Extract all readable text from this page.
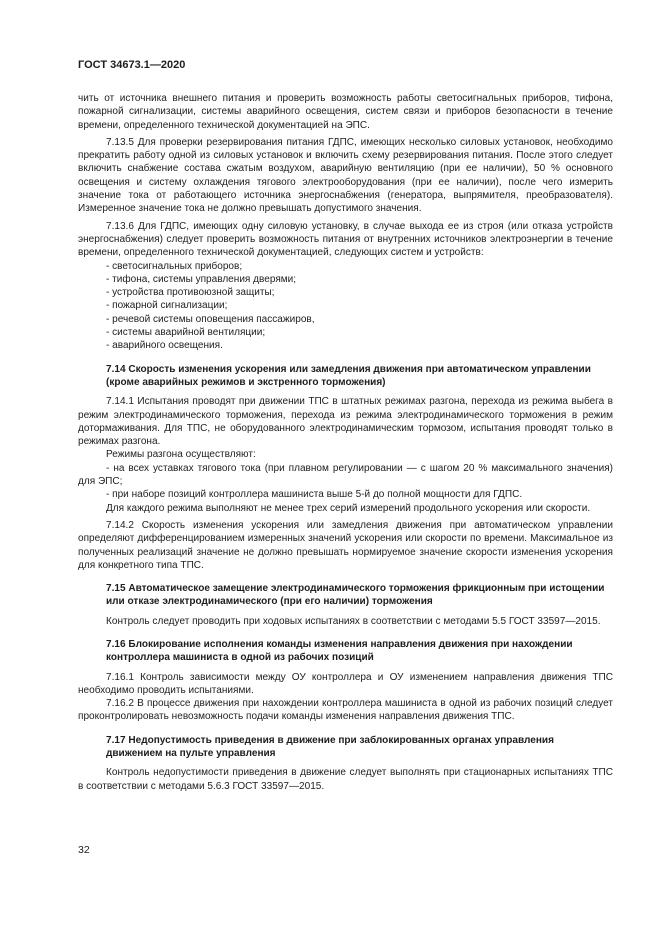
ГОСТ 34673.1—2020

чить от источника внешнего питания и проверить возможность работы светосигнальных приборов, тифона, пожарной сигнализации, системы аварийного освещения, систем связи и приборов безопасности в течение времени, определенного технической документацией на ЭПС.

7.13.5 Для проверки резервирования питания ГДПС, имеющих несколько силовых установок, необходимо прекратить работу одной из силовых установок и включить схему резервирования питания. После этого следует включить снабжение состава сжатым воздухом, аварийную вентиляцию (при ее наличии), 50 % основного освещения и систему охлаждения тягового электрооборудования (при ее наличии), после чего измерить значение тока от работающего источника энергоснабжения (генератора, выпрямителя, преобразователя). Измеренное значение тока не должно превышать допустимого значения.

7.13.6 Для ГДПС, имеющих одну силовую установку, в случае выхода ее из строя (или отказа устройств энергоснабжения) следует проверить возможность питания от внутренних источников электроэнергии в течение времени, определенного технической документацией, следующих систем и устройств:

- светосигнальных приборов;
- тифона, системы управления дверями;
- устройства противоюзной защиты;
- пожарной сигнализации;
- речевой системы оповещения пассажиров,
- системы аварийной вентиляции;
- аварийного освещения.
7.14 Скорость изменения ускорения или замедления движения при автоматическом управлении (кроме аварийных режимов и экстренного торможения)

7.14.1 Испытания проводят при движении ТПС в штатных режимах разгона, перехода из режима выбега в режим электродинамического торможения, перехода из режима электродинамического торможения в режим дотормаживания. Для ТПС, не оборудованного электродинамическим тормозом, испытания проводят только в режимах разгона.

Режимы разгона осуществляют:

- на всех уставках тягового тока (при плавном регулировании — с шагом 20 % максимального значения) для ЭПС;

- при наборе позиций контроллера машиниста выше 5-й до полной мощности для ГДПС.

Для каждого режима выполняют не менее трех серий измерений продольного ускорения или скорости.

7.14.2 Скорость изменения ускорения или замедления движения при автоматическом управлении определяют дифференцированием измеренных значений ускорения или скорости по времени. Максимальное из полученных реализаций значение не должно превышать нормируемое значение скорости изменения ускорения для конкретного типа ТПС.

7.15 Автоматическое замещение электродинамического торможения фрикционным при истощении или отказе электродинамического (при его наличии) торможения

Контроль следует проводить при ходовых испытаниях в соответствии с методами 5.5 ГОСТ 33597—2015.

7.16 Блокирование исполнения команды изменения направления движения при нахождении контроллера машиниста в одной из рабочих позиций

7.16.1 Контроль зависимости между ОУ контроллера и ОУ изменением направления движения ТПС необходимо проводить испытаниями.

7.16.2 В процессе движения при нахождении контроллера машиниста в одной из рабочих позиций следует проконтролировать невозможность подачи команды изменения направления движения ТПС.

7.17 Недопустимость приведения в движение при заблокированных органах управления движением на пульте управления

Контроль недопустимости приведения в движение следует выполнять при стационарных испытаниях ТПС в соответствии с методами 5.6.3 ГОСТ 33597—2015.

32
